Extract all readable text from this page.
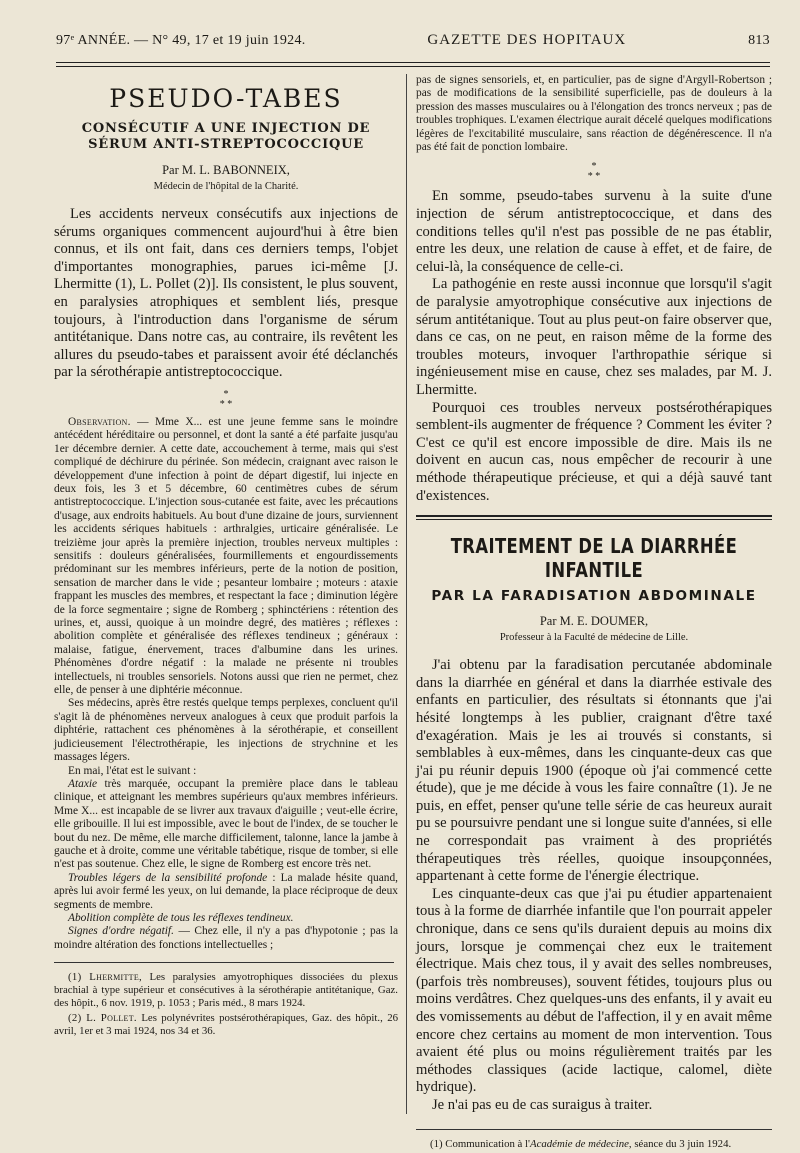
97ᵉ ANNÉE. — N° 49, 17 et 19 juin 1924.	GAZETTE DES HOPITAUX	813
PSEUDO-TABES
CONSÉCUTIF A UNE INJECTION DE SÉRUM ANTI-STREPTOCOCCIQUE
Par M. L. BABONNEIX,
Médecin de l'hôpital de la Charité.

Les accidents nerveux consécutifs aux injections de sérums organiques commencent aujourd'hui à être bien connus, et ils ont fait, dans ces derniers temps, l'objet d'importantes monographies, parues ici-même [J. Lhermitte (1), L. Pollet (2)]. Ils consistent, le plus souvent, en paralysies atrophiques et semblent liés, presque toujours, à l'introduction dans l'organisme de sérum antitétanique. Dans notre cas, au contraire, ils revêtent les allures du pseudo-tabes et paraissent avoir été déclanchés par la sérothérapie antistreptococcique.

*
* *

Observation. — Mme X... est une jeune femme sans le moindre antécédent héréditaire ou personnel, et dont la santé a été parfaite jusqu'au 1er décembre dernier. A cette date, accouchement à terme, mais qui s'est compliqué de déchirure du périnée. Son médecin, craignant avec raison le développement d'une infection à point de départ digestif, lui injecte en deux fois, les 3 et 5 décembre, 60 centimètres cubes de sérum antistreptococcique. L'injection sous-cutanée est faite, avec les précautions d'usage, aux endroits habituels. Au bout d'une dizaine de jours, surviennent les accidents sériques habituels : arthralgies, urticaire généralisée. Le treizième jour après la première injection, troubles nerveux multiples : sensitifs : douleurs généralisées, fourmillements et engourdissements prédominant sur les membres inférieurs, perte de la notion de position, sensation de marcher dans le vide ; pesanteur lombaire ; moteurs : ataxie frappant les muscles des membres, et respectant la face ; diminution légère de la force segmentaire ; signe de Romberg ; sphinctériens : rétention des urines, et, aussi, quoique à un moindre degré, des matières ; réflexes : abolition complète et généralisée des réflexes tendineux ; généraux : malaise, fatigue, énervement, traces d'albumine dans les urines. Phénomènes d'ordre négatif : la malade ne présente ni troubles intellectuels, ni troubles sensoriels. Notons aussi que rien ne permet, chez elle, de penser à une diphtérie méconnue.

Ses médecins, après être restés quelque temps perplexes, concluent qu'il s'agit là de phénomènes nerveux analogues à ceux que produit parfois la diphtérie, rattachent ces phénomènes à la sérothérapie, et conseillent judicieusement l'électrothérapie, les injections de strychnine et les massages légers.

En mai, l'état est le suivant :

Ataxie très marquée, occupant la première place dans le tableau clinique, et atteignant les membres supérieurs qu'aux membres inférieurs. Mme X... est incapable de se livrer aux travaux d'aiguille ; veut-elle écrire, elle gribouille. Il lui est impossible, avec le bout de l'index, de se toucher le bout du nez. De même, elle marche difficilement, talonne, lance la jambe à gauche et à droite, comme une véritable tabétique, risque de tomber, si elle n'est pas soutenue. Chez elle, le signe de Romberg est encore très net.

Troubles légers de la sensibilité profonde : La malade hésite quand, après lui avoir fermé les yeux, on lui demande, la place réciproque de deux segments de membre.

Abolition complète de tous les réflexes tendineux.

Signes d'ordre négatif. — Chez elle, il n'y a pas d'hypotonie ; pas la moindre altération des fonctions intellectuelles ;

(1) Lhermitte, Les paralysies amyotrophiques dissociées du plexus brachial à type supérieur et consécutives à la sérothérapie antitétanique, Gaz. des hôpit., 6 nov. 1919, p. 1053 ; Paris méd., 8 mars 1924.

(2) L. Pollet. Les polynévrites postsérothérapiques, Gaz. des hôpit., 26 avril, 1er et 3 mai 1924, nos 34 et 36.

pas de signes sensoriels, et, en particulier, pas de signe d'Argyll-Robertson ; pas de modifications de la sensibilité superficielle, pas de douleurs à la pression des masses musculaires ou à l'élongation des troncs nerveux ; pas de troubles trophiques. L'examen électrique aurait décelé quelques modifications légères de l'excitabilité musculaire, sans réaction de dégénérescence. Il n'a pas été fait de ponction lombaire.

*
* *

En somme, pseudo-tabes survenu à la suite d'une injection de sérum antistreptococcique, et dans des conditions telles qu'il n'est pas possible de ne pas établir, entre les deux, une relation de cause à effet, et de faire, de celui-là, la conséquence de celle-ci.

La pathogénie en reste aussi inconnue que lorsqu'il s'agit de paralysie amyotrophique consécutive aux injections de sérum antitétanique. Tout au plus peut-on faire observer que, dans ce cas, on ne peut, en raison même de la forme des troubles moteurs, invoquer l'arthropathie sérique si ingénieusement mise en cause, chez ses malades, par M. J. Lhermitte.

Pourquoi ces troubles nerveux postsérothérapiques semblent-ils augmenter de fréquence ? Comment les éviter ? C'est ce qu'il est encore impossible de dire. Mais ils ne doivent en aucun cas, nous empêcher de recourir à une méthode thérapeutique précieuse, et qui a déjà sauvé tant d'existences.

TRAITEMENT DE LA DIARRHÉE INFANTILE
PAR LA FARADISATION ABDOMINALE
Par M. E. DOUMER,
Professeur à la Faculté de médecine de Lille.

J'ai obtenu par la faradisation percutanée abdominale dans la diarrhée en général et dans la diarrhée estivale des enfants en particulier, des résultats si étonnants que j'ai hésité longtemps à les publier, craignant d'être taxé d'exagération. Mais je les ai trouvés si constants, si semblables à eux-mêmes, dans les cinquante-deux cas que j'ai pu réunir depuis 1900 (époque où j'ai commencé cette étude), que je me décide à vous les faire connaître (1). Je ne puis, en effet, penser qu'une telle série de cas heureux aurait pu se poursuivre pendant une si longue suite d'années, si elle ne correspondait pas vraiment à des propriétés thérapeutiques très réelles, quoique insoupçonnées, appartenant à cette forme de l'énergie électrique.

Les cinquante-deux cas que j'ai pu étudier appartenaient tous à la forme de diarrhée infantile que l'on pourrait appeler chronique, dans ce sens qu'ils duraient depuis au moins dix jours, lorsque je commençai chez eux le traitement électrique. Mais chez tous, il y avait des selles nombreuses, (parfois très nombreuses), souvent fétides, toujours plus ou moins verdâtres. Chez quelques-uns des enfants, il y avait eu des vomissements au début de l'affection, il y en avait même encore chez certains au moment de mon intervention. Tous avaient été plus ou moins régulièrement traités par les méthodes classiques (acide lactique, calomel, diète hydrique).

Je n'ai pas eu de cas suraigus à traiter.

(1) Communication à l'Académie de médecine, séance du 3 juin 1924.
